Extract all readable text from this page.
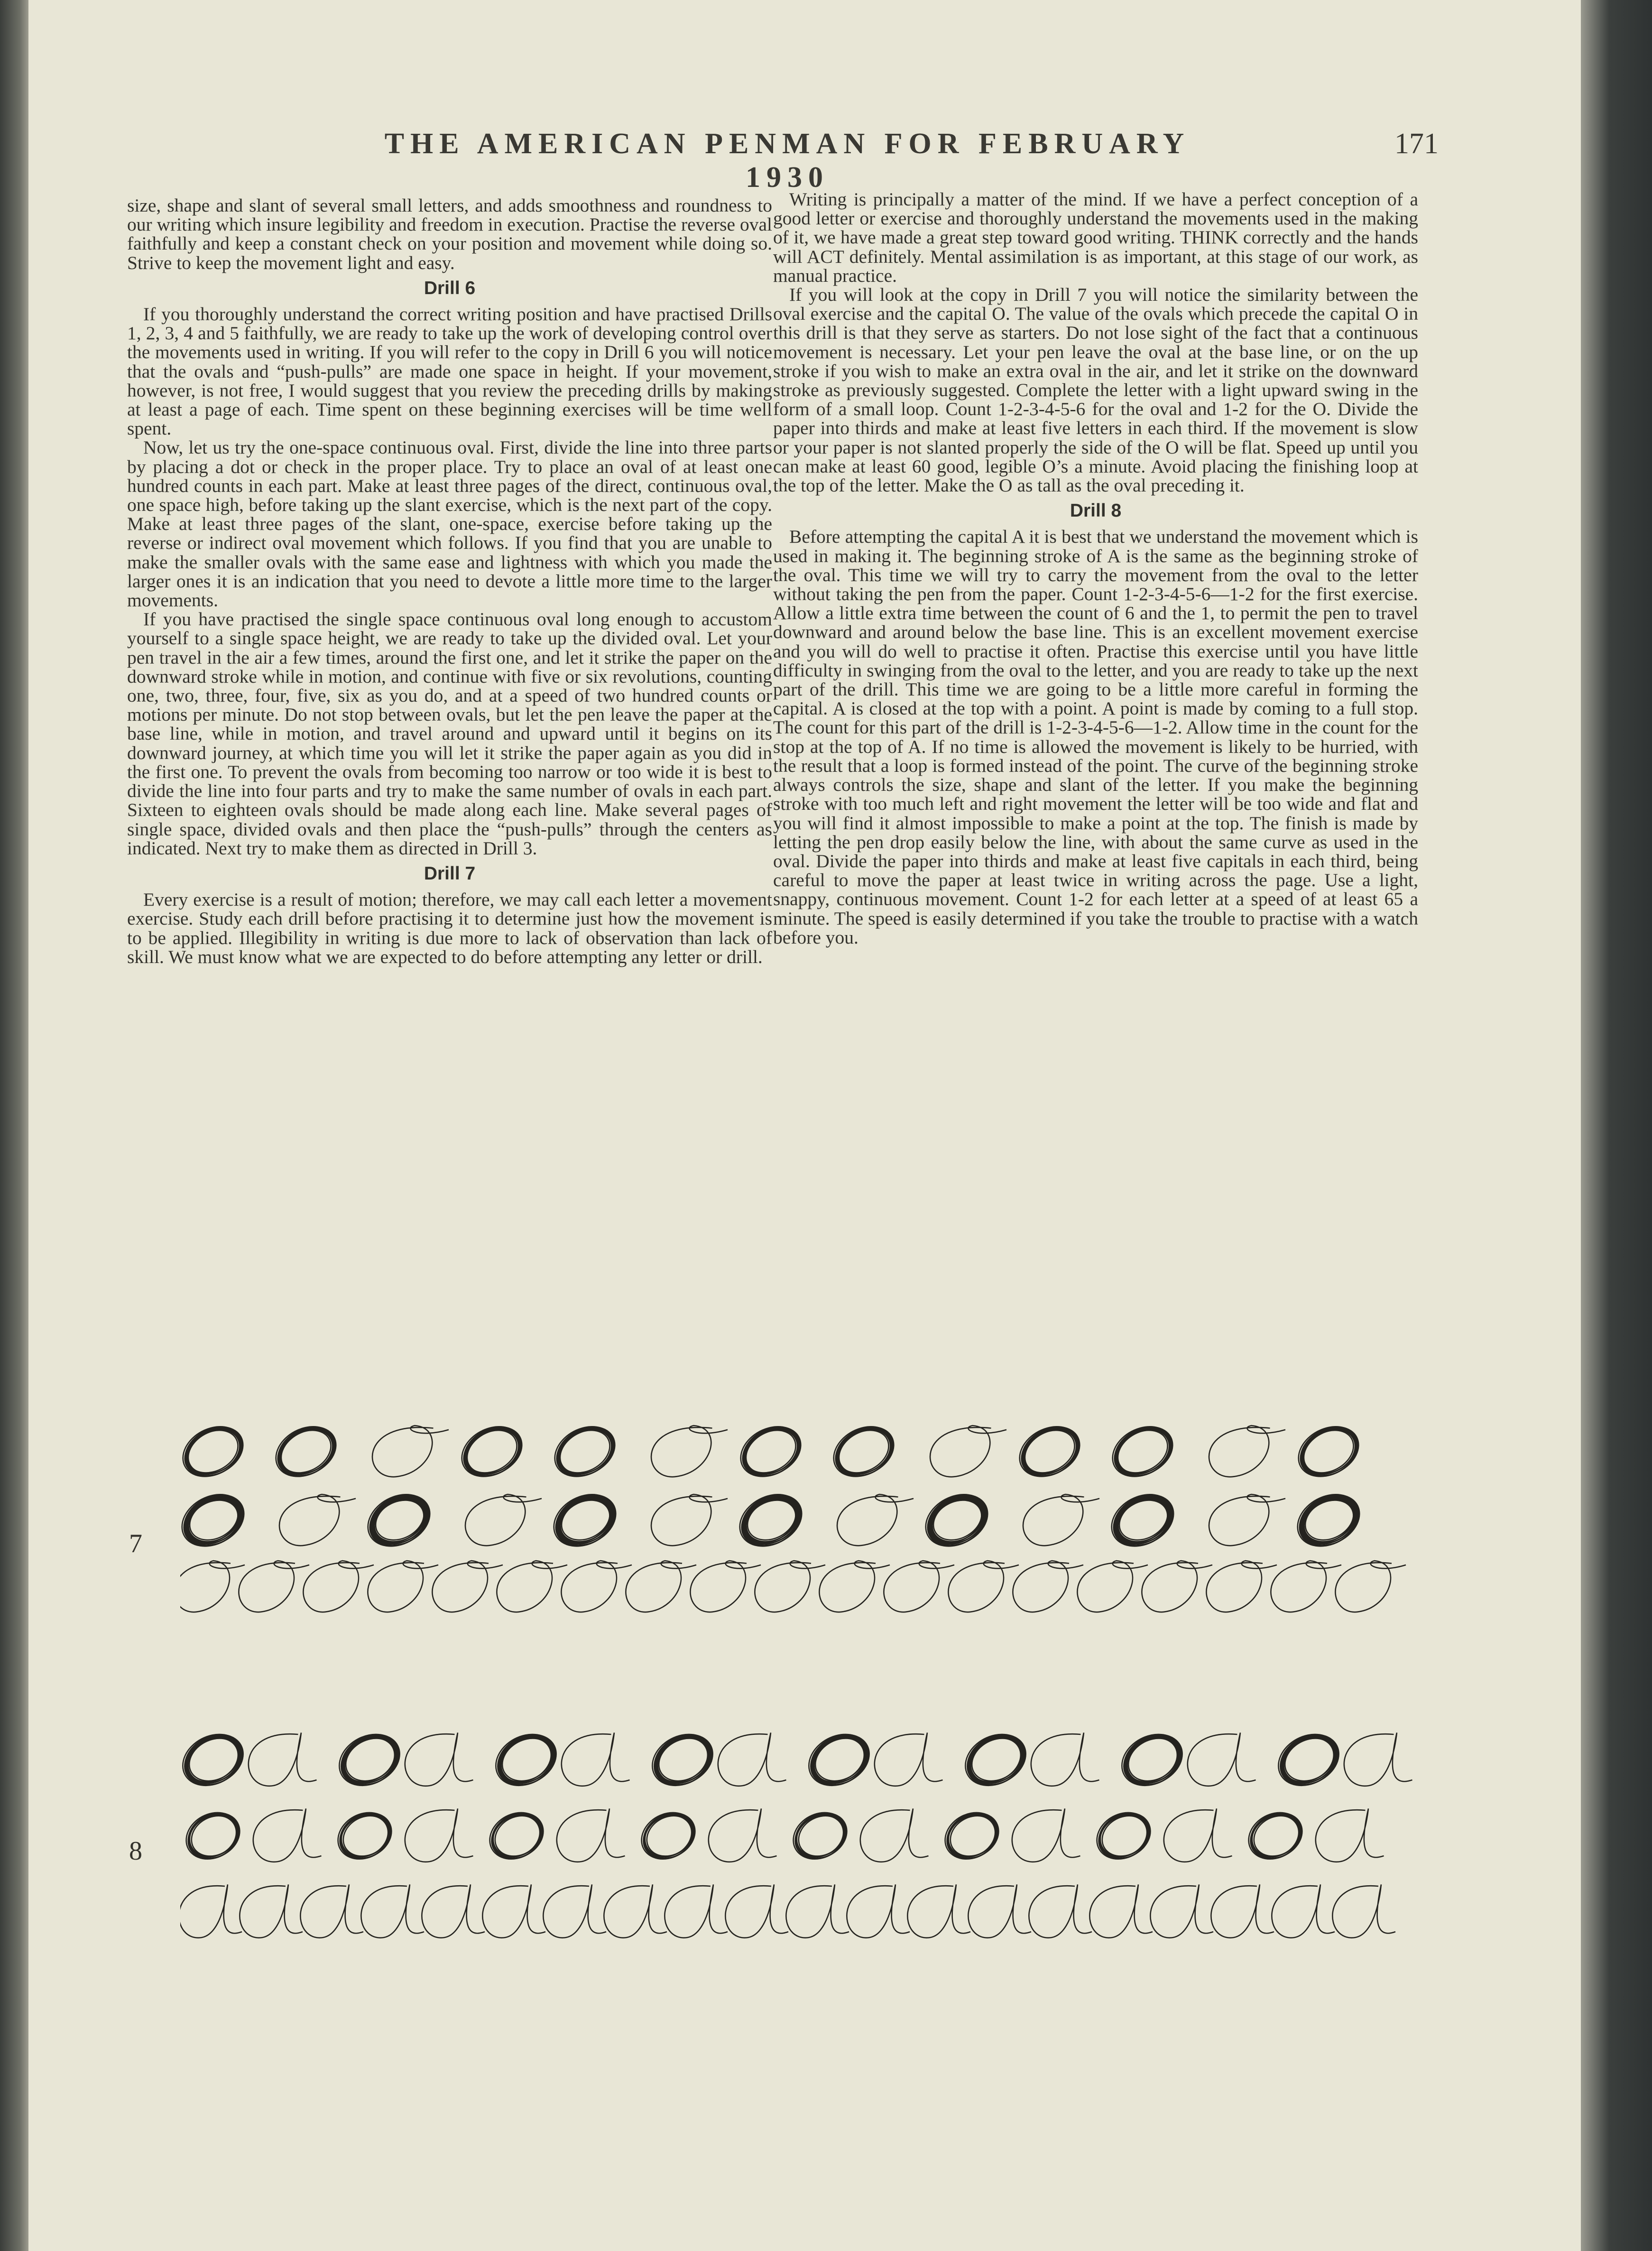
THE AMERICAN PENMAN FOR FEBRUARY 1930
171

size, shape and slant of several small letters, and adds smoothness and roundness to our writing which insure legibility and freedom in execution. Practise the reverse oval faithfully and keep a constant check on your position and movement while doing so. Strive to keep the movement light and easy.

Drill 6

If you thoroughly understand the correct writing position and have practised Drills 1, 2, 3, 4 and 5 faithfully, we are ready to take up the work of developing control over the movements used in writing. If you will refer to the copy in Drill 6 you will notice that the ovals and “push-pulls” are made one space in height. If your movement, however, is not free, I would suggest that you review the preceding drills by making at least a page of each. Time spent on these beginning exercises will be time well spent.

Now, let us try the one-space continuous oval. First, divide the line into three parts by placing a dot or check in the proper place. Try to place an oval of at least one hundred counts in each part. Make at least three pages of the direct, continuous oval, one space high, before taking up the slant exercise, which is the next part of the copy. Make at least three pages of the slant, one-space, exercise before taking up the reverse or indirect oval movement which follows. If you find that you are unable to make the smaller ovals with the same ease and lightness with which you made the larger ones it is an indication that you need to devote a little more time to the larger movements.

If you have practised the single space continuous oval long enough to accustom yourself to a single space height, we are ready to take up the divided oval. Let your pen travel in the air a few times, around the first one, and let it strike the paper on the downward stroke while in motion, and continue with five or six revolutions, counting one, two, three, four, five, six as you do, and at a speed of two hundred counts or motions per minute. Do not stop between ovals, but let the pen leave the paper at the base line, while in motion, and travel around and upward until it begins on its downward journey, at which time you will let it strike the paper again as you did in the first one. To prevent the ovals from becoming too narrow or too wide it is best to divide the line into four parts and try to make the same number of ovals in each part. Sixteen to eighteen ovals should be made along each line. Make several pages of single space, divided ovals and then place the “push-pulls” through the centers as indicated. Next try to make them as directed in Drill 3.

Drill 7

Every exercise is a result of motion; therefore, we may call each letter a movement exercise. Study each drill before practising it to determine just how the movement is to be applied. Illegibility in writing is due more to lack of observation than lack of skill. We must know what we are expected to do before attempting any letter or drill.

Writing is principally a matter of the mind. If we have a perfect conception of a good letter or exercise and thoroughly understand the movements used in the making of it, we have made a great step toward good writing. THINK correctly and the hands will ACT definitely. Mental assimilation is as important, at this stage of our work, as manual practice.

If you will look at the copy in Drill 7 you will notice the similarity between the oval exercise and the capital O. The value of the ovals which precede the capital O in this drill is that they serve as starters. Do not lose sight of the fact that a continuous movement is necessary. Let your pen leave the oval at the base line, or on the up stroke if you wish to make an extra oval in the air, and let it strike on the downward stroke as previously suggested. Complete the letter with a light upward swing in the form of a small loop. Count 1-2-3-4-5-6 for the oval and 1-2 for the O. Divide the paper into thirds and make at least five letters in each third. If the movement is slow or your paper is not slanted properly the side of the O will be flat. Speed up until you can make at least 60 good, legible O’s a minute. Avoid placing the finishing loop at the top of the letter. Make the O as tall as the oval preceding it.

Drill 8

Before attempting the capital A it is best that we understand the movement which is used in making it. The beginning stroke of A is the same as the beginning stroke of the oval. This time we will try to carry the movement from the oval to the letter without taking the pen from the paper. Count 1-2-3-4-5-6—1-2 for the first exercise. Allow a little extra time between the count of 6 and the 1, to permit the pen to travel downward and around below the base line. This is an excellent movement exercise and you will do well to practise it often. Practise this exercise until you have little difficulty in swinging from the oval to the letter, and you are ready to take up the next part of the drill. This time we are going to be a little more careful in forming the capital. A is closed at the top with a point. A point is made by coming to a full stop. The count for this part of the drill is 1-2-3-4-5-6—1-2. Allow time in the count for the stop at the top of A. If no time is allowed the movement is likely to be hurried, with the result that a loop is formed instead of the point. The curve of the beginning stroke always controls the size, shape and slant of the letter. If you make the beginning stroke with too much left and right movement the letter will be too wide and flat and you will find it almost impossible to make a point at the top. The finish is made by letting the pen drop easily below the line, with about the same curve as used in the oval. Divide the paper into thirds and make at least five capitals in each third, being careful to move the paper at least twice in writing across the page. Use a light, snappy, continuous movement. Count 1-2 for each letter at a speed of at least 65 a minute. The speed is easily determined if you take the trouble to practise with a watch before you.

7
8
